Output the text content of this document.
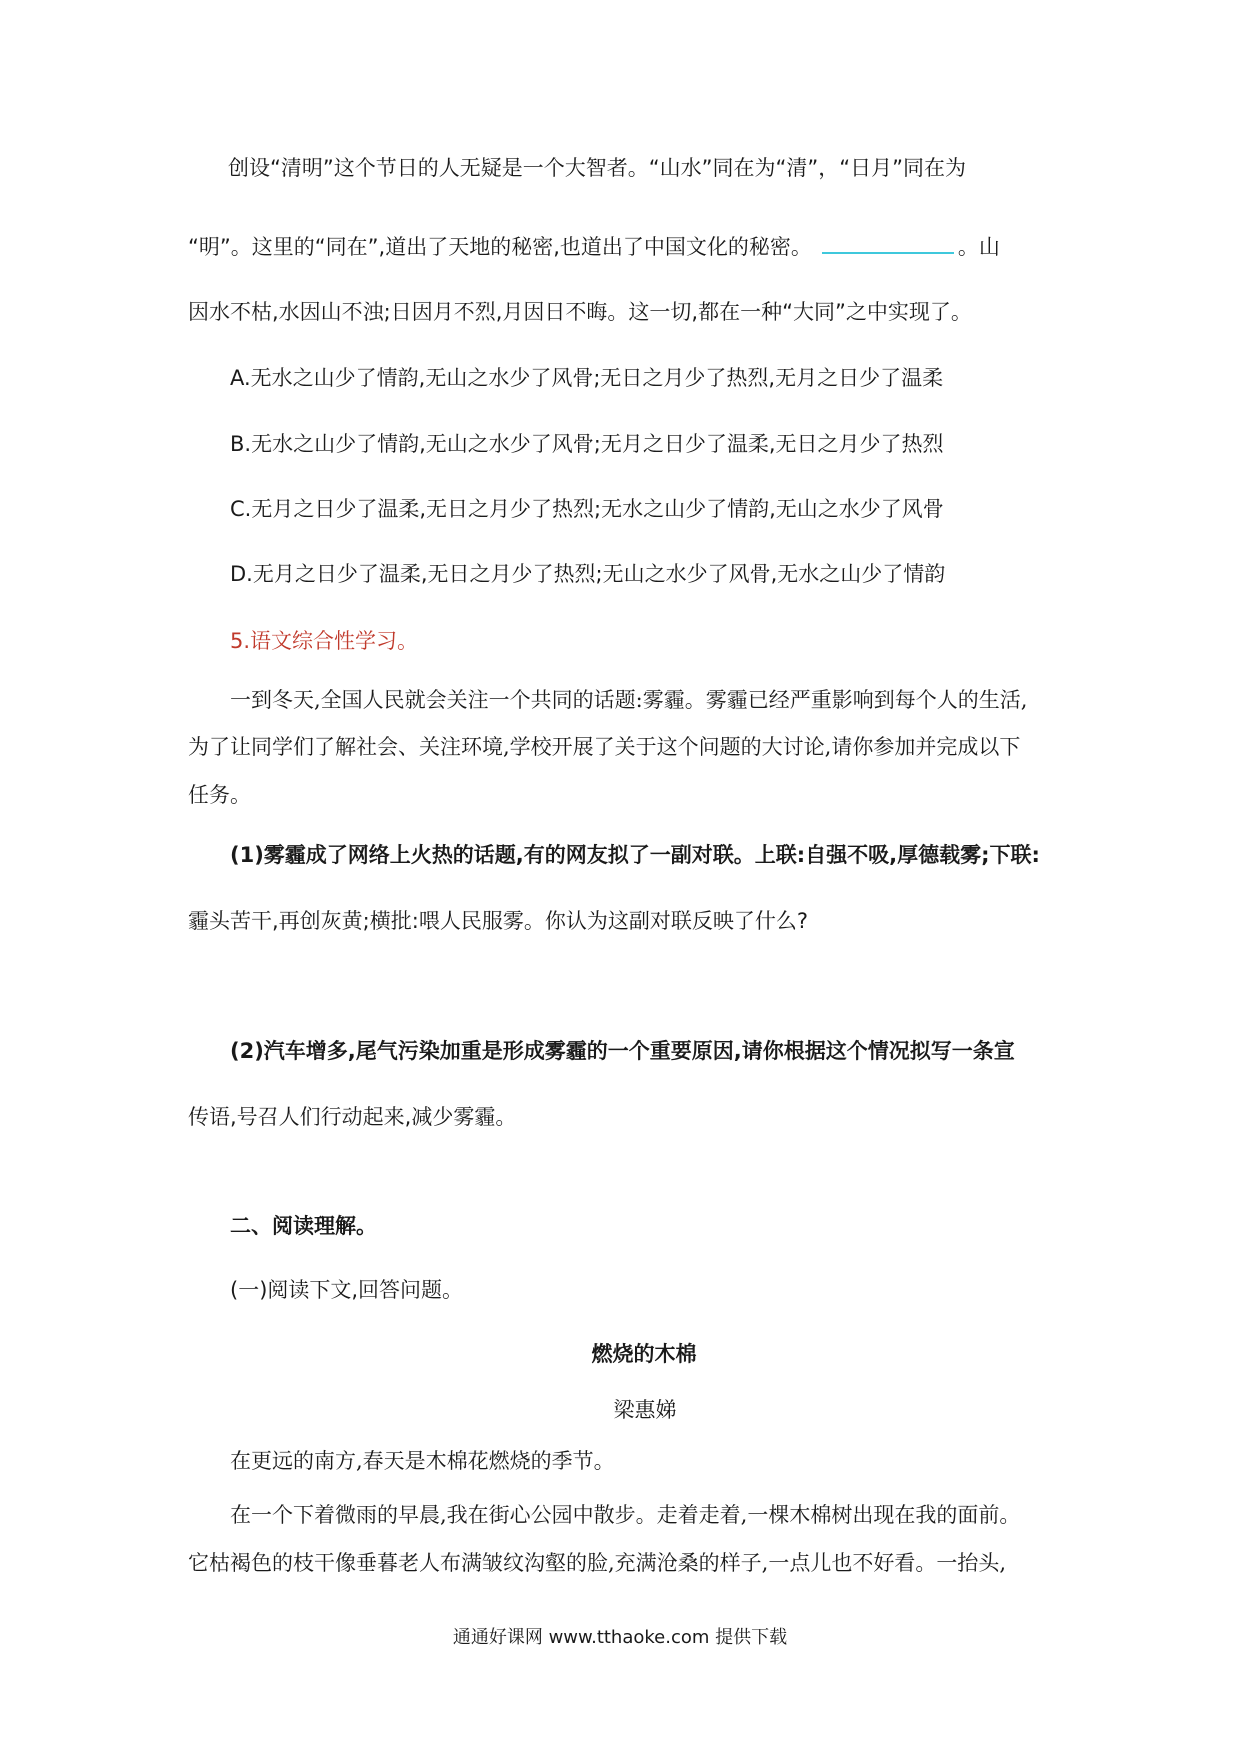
创设“清明”这个节日的人无疑是一个大智者。“山水”同在为“清”，“日月”同在为
“明”。这里的“同在”,道出了天地的秘密,也道出了中国文化的秘密。	。山
因水不枯,水因山不浊;日因月不烈,月因日不晦。这一切,都在一种“大同”之中实现了。
A.无水之山少了情韵,无山之水少了风骨;无日之月少了热烈,无月之日少了温柔
B.无水之山少了情韵,无山之水少了风骨;无月之日少了温柔,无日之月少了热烈
C.无月之日少了温柔,无日之月少了热烈;无水之山少了情韵,无山之水少了风骨
D.无月之日少了温柔,无日之月少了热烈;无山之水少了风骨,无水之山少了情韵
5.语文综合性学习。
一到冬天,全国人民就会关注一个共同的话题:雾霾。雾霾已经严重影响到每个人的生活,
为了让同学们了解社会、关注环境,学校开展了关于这个问题的大讨论,请你参加并完成以下
任务。
(1)雾霾成了网络上火热的话题,有的网友拟了一副对联。上联:自强不吸,厚德载雾;下联:
霾头苦干,再创灰黄;横批:喂人民服雾。你认为这副对联反映了什么?
(2)汽车增多,尾气污染加重是形成雾霾的一个重要原因,请你根据这个情况拟写一条宣
传语,号召人们行动起来,减少雾霾。
二、阅读理解。
(一)阅读下文,回答问题。
燃烧的木棉
梁惠娣
在更远的南方,春天是木棉花燃烧的季节。
在一个下着微雨的早晨,我在街心公园中散步。走着走着,一棵木棉树出现在我的面前。
它枯褐色的枝干像垂暮老人布满皱纹沟壑的脸,充满沧桑的样子,一点儿也不好看。一抬头,
通通好课网 www.tthaoke.com 提供下载
